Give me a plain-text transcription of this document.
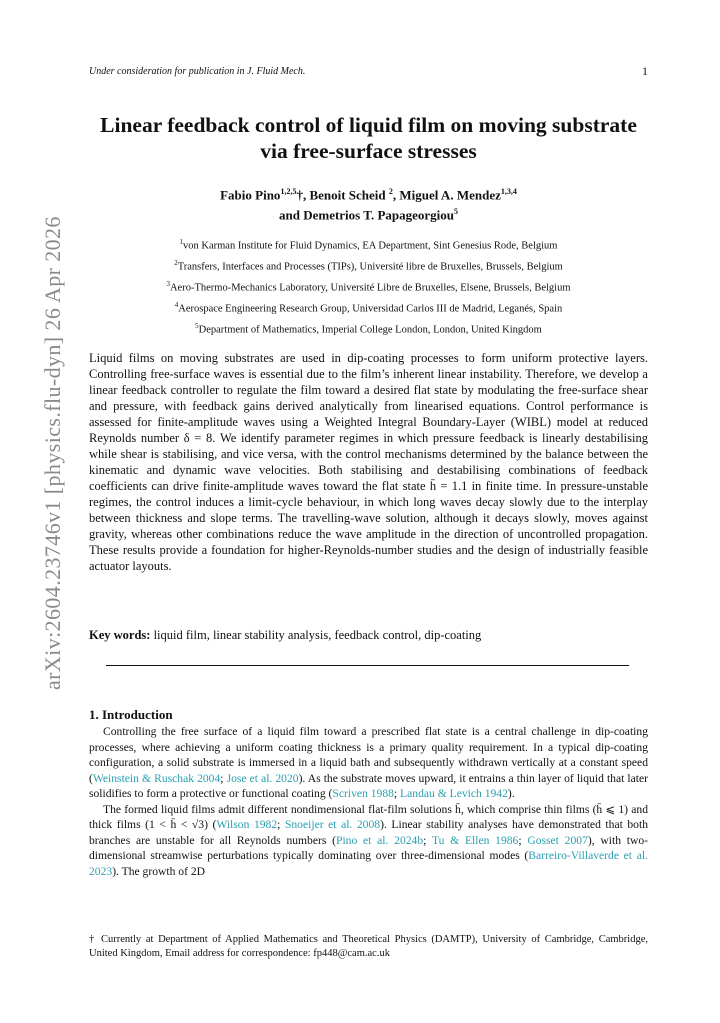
Under consideration for publication in J. Fluid Mech.	1
arXiv:2604.23746v1 [physics.flu-dyn] 26 Apr 2026
Linear feedback control of liquid film on moving substrate via free-surface stresses
Fabio Pino$^{1,2,5}$†, Benoit Scheid $^2$, Miguel A. Mendez$^{1,3,4}$
and Demetrios T. Papageorgiou$^5$
$^1$von Karman Institute for Fluid Dynamics, EA Department, Sint Genesius Rode, Belgium
$^2$Transfers, Interfaces and Processes (TIPs), Université libre de Bruxelles, Brussels, Belgium
$^3$Aero-Thermo-Mechanics Laboratory, Université Libre de Bruxelles, Elsene, Brussels, Belgium
$^4$Aerospace Engineering Research Group, Universidad Carlos III de Madrid, Leganés, Spain
$^5$Department of Mathematics, Imperial College London, London, United Kingdom
Liquid films on moving substrates are used in dip-coating processes to form uniform protective layers. Controlling free-surface waves is essential due to the film’s inherent linear instability. Therefore, we develop a linear feedback controller to regulate the film toward a desired flat state by modulating the free-surface shear and pressure, with feedback gains derived analytically from linearised equations. Control performance is assessed for finite-amplitude waves using a Weighted Integral Boundary-Layer (WIBL) model at reduced Reynolds number δ = 8. We identify parameter regimes in which pressure feedback is linearly destabilising while shear is stabilising, and vice versa, with the control mechanisms determined by the balance between the kinematic and dynamic wave velocities. Both stabilising and destabilising combinations of feedback coefficients can drive finite-amplitude waves toward the flat state h̄ = 1.1 in finite time. In pressure-unstable regimes, the control induces a limit-cycle behaviour, in which long waves decay slowly due to the interplay between thickness and slope terms. The travelling-wave solution, although it decays slowly, moves against gravity, whereas other combinations reduce the wave amplitude in the direction of uncontrolled propagation. These results provide a foundation for higher-Reynolds-number studies and the design of industrially feasible actuator layouts.
Key words: liquid film, linear stability analysis, feedback control, dip-coating
1. Introduction

Controlling the free surface of a liquid film toward a prescribed flat state is a central challenge in dip-coating processes, where achieving a uniform coating thickness is a primary quality requirement. In a typical dip-coating configuration, a solid substrate is immersed in a liquid bath and subsequently withdrawn vertically at a constant speed (Weinstein & Ruschak 2004; Jose et al. 2020). As the substrate moves upward, it entrains a thin layer of liquid that later solidifies to form a protective or functional coating (Scriven 1988; Landau & Levich 1942).

The formed liquid films admit different nondimensional flat-film solutions h̄, which comprise thin films (h̄ ⩽ 1) and thick films (1 < h̄ < √3) (Wilson 1982; Snoeijer et al. 2008). Linear stability analyses have demonstrated that both branches are unstable for all Reynolds numbers (Pino et al. 2024b; Tu & Ellen 1986; Gosset 2007), with two-dimensional streamwise perturbations typically dominating over three-dimensional modes (Barreiro-Villaverde et al. 2023). The growth of 2D

† Currently at Department of Applied Mathematics and Theoretical Physics (DAMTP), University of Cambridge, Cambridge, United Kingdom, Email address for correspondence: fp448@cam.ac.uk
